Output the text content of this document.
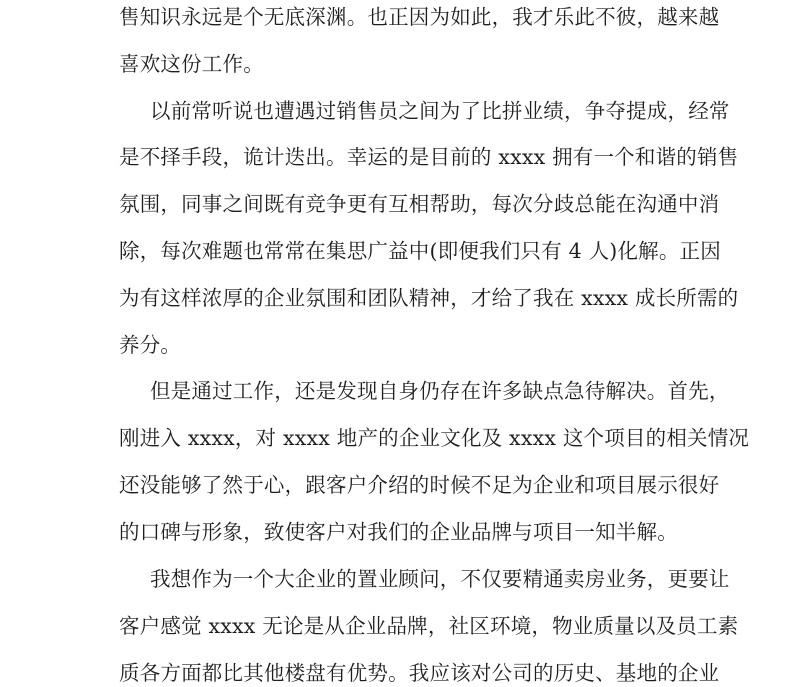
售知识永远是个无底深渊。也正因为如此，我才乐此不彼，越来越
喜欢这份工作。
以前常听说也遭遇过销售员之间为了比拼业绩，争夺提成，经常
是不择手段，诡计迭出。幸运的是目前的 xxxx 拥有一个和谐的销售
氛围，同事之间既有竞争更有互相帮助，每次分歧总能在沟通中消
除，每次难题也常常在集思广益中(即便我们只有 4 人)化解。正因
为有这样浓厚的企业氛围和团队精神，才给了我在 xxxx 成长所需的
养分。
但是通过工作，还是发现自身仍存在许多缺点急待解决。首先，
刚进入 xxxx，对 xxxx 地产的企业文化及 xxxx 这个项目的相关情况
还没能够了然于心，跟客户介绍的时候不足为企业和项目展示很好
的口碑与形象，致使客户对我们的企业品牌与项目一知半解。
我想作为一个大企业的置业顾问，不仅要精通卖房业务，更要让
客户感觉 xxxx 无论是从企业品牌，社区环境，物业质量以及员工素
质各方面都比其他楼盘有优势。我应该对公司的历史、基地的企业
